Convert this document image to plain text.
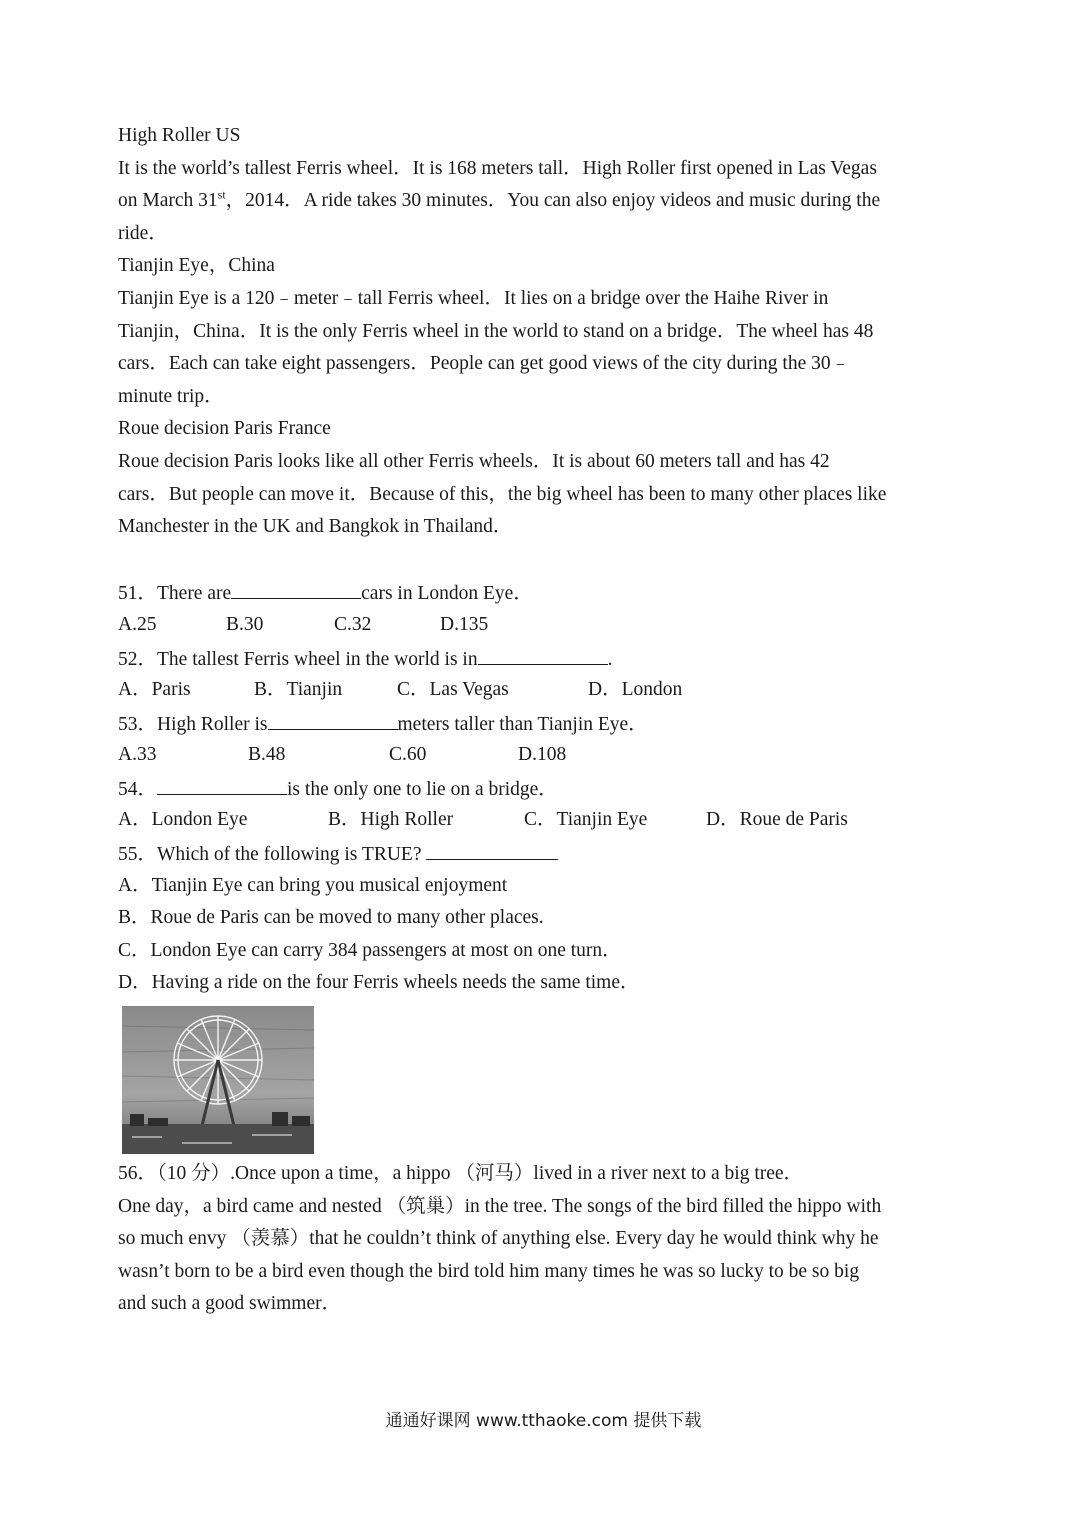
High Roller US
It is the world’s tallest Ferris wheel．It is 168 meters tall．High Roller first opened in Las Vegas
on March 31st，2014．A ride takes 30 minutes．You can also enjoy videos and music during the
ride．
Tianjin Eye，China
Tianjin Eye is a 120﹣meter﹣tall Ferris wheel．It lies on a bridge over the Haihe River in
Tianjin，China．It is the only Ferris wheel in the world to stand on a bridge．The wheel has 48
cars．Each can take eight passengers．People can get good views of the city during the 30﹣
minute trip．
Roue decision Paris France
Roue decision Paris looks like all other Ferris wheels．It is about 60 meters tall and has 42
cars．But people can move it．Because of this，the big wheel has been to many other places like
Manchester in the UK and Bangkok in Thailand．
51．There are	cars in London Eye．
A.25	B.30	C.32	D.135
52．The tallest Ferris wheel in the world is in	.
A．Paris	B．Tianjin	C．Las Vegas	D．London
53．High Roller is	meters taller than Tianjin Eye．
A.33	B.48	C.60	D.108
54．	is the only one to lie on a bridge．
A．London Eye	B．High Roller	C．Tianjin Eye	D．Roue de Paris
55．Which of the following is TRUE?
A．Tianjin Eye can bring you musical enjoyment
B．Roue de Paris can be moved to many other places.
C．London Eye can carry 384 passengers at most on one turn．
D．Having a ride on the four Ferris wheels needs the same time．
56．（10 分）.Once upon a time，a hippo （河马）lived in a river next to a big tree．
One day，a bird came and nested （筑巢）in the tree. The songs of the bird filled the hippo with
so much envy （羡慕）that he couldn’t think of anything else. Every day he would think why he
wasn’t born to be a bird even though the bird told him many times he was so lucky to be so big
and such a good swimmer．
通通好课网 www.tthaoke.com 提供下载
